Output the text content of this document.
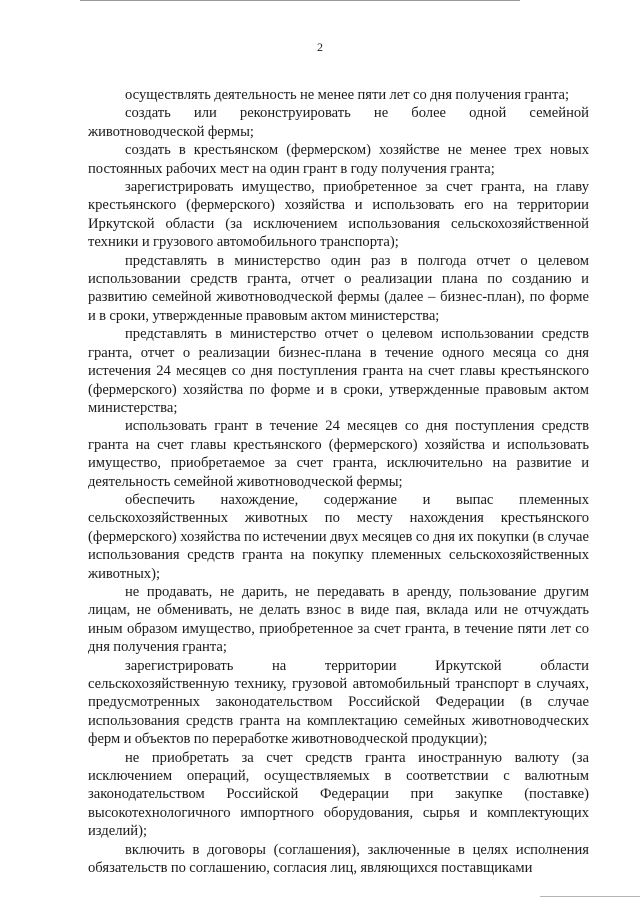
2

осуществлять деятельность не менее пяти лет со дня получения гранта;

создать или реконструировать не более одной семейной животноводческой фермы;

создать в крестьянском (фермерском) хозяйстве не менее трех новых постоянных рабочих мест на один грант в году получения гранта;

зарегистрировать имущество, приобретенное за счет гранта, на главу крестьянского (фермерского) хозяйства и использовать его на территории Иркутской области (за исключением использования сельскохозяйственной техники и грузового автомобильного транспорта);

представлять в министерство один раз в полгода отчет о целевом использовании средств гранта, отчет о реализации плана по созданию и развитию семейной животноводческой фермы (далее – бизнес-план), по форме и в сроки, утвержденные правовым актом министерства;

представлять в министерство отчет о целевом использовании средств гранта, отчет о реализации бизнес-плана в течение одного месяца со дня истечения 24 месяцев со дня поступления гранта на счет главы крестьянского (фермерского) хозяйства по форме и в сроки, утвержденные правовым актом министерства;

использовать грант в течение 24 месяцев со дня поступления средств гранта на счет главы крестьянского (фермерского) хозяйства и использовать имущество, приобретаемое за счет гранта, исключительно на развитие и деятельность семейной животноводческой фермы;

обеспечить нахождение, содержание и выпас племенных сельскохозяйственных животных по месту нахождения крестьянского (фермерского) хозяйства по истечении двух месяцев со дня их покупки (в случае использования средств гранта на покупку племенных сельскохозяйственных животных);

не продавать, не дарить, не передавать в аренду, пользование другим лицам, не обменивать, не делать взнос в виде пая, вклада или не отчуждать иным образом имущество, приобретенное за счет гранта, в течение пяти лет со дня получения гранта;

зарегистрировать на территории Иркутской области сельскохозяйственную технику, грузовой автомобильный транспорт в случаях, предусмотренных законодательством Российской Федерации (в случае использования средств гранта на комплектацию семейных животноводческих ферм и объектов по переработке животноводческой продукции);

не приобретать за счет средств гранта иностранную валюту (за исключением операций, осуществляемых в соответствии с валютным законодательством Российской Федерации при закупке (поставке) высокотехнологичного импортного оборудования, сырья и комплектующих изделий);

включить в договоры (соглашения), заключенные в целях исполнения обязательств по соглашению, согласия лиц, являющихся поставщиками
